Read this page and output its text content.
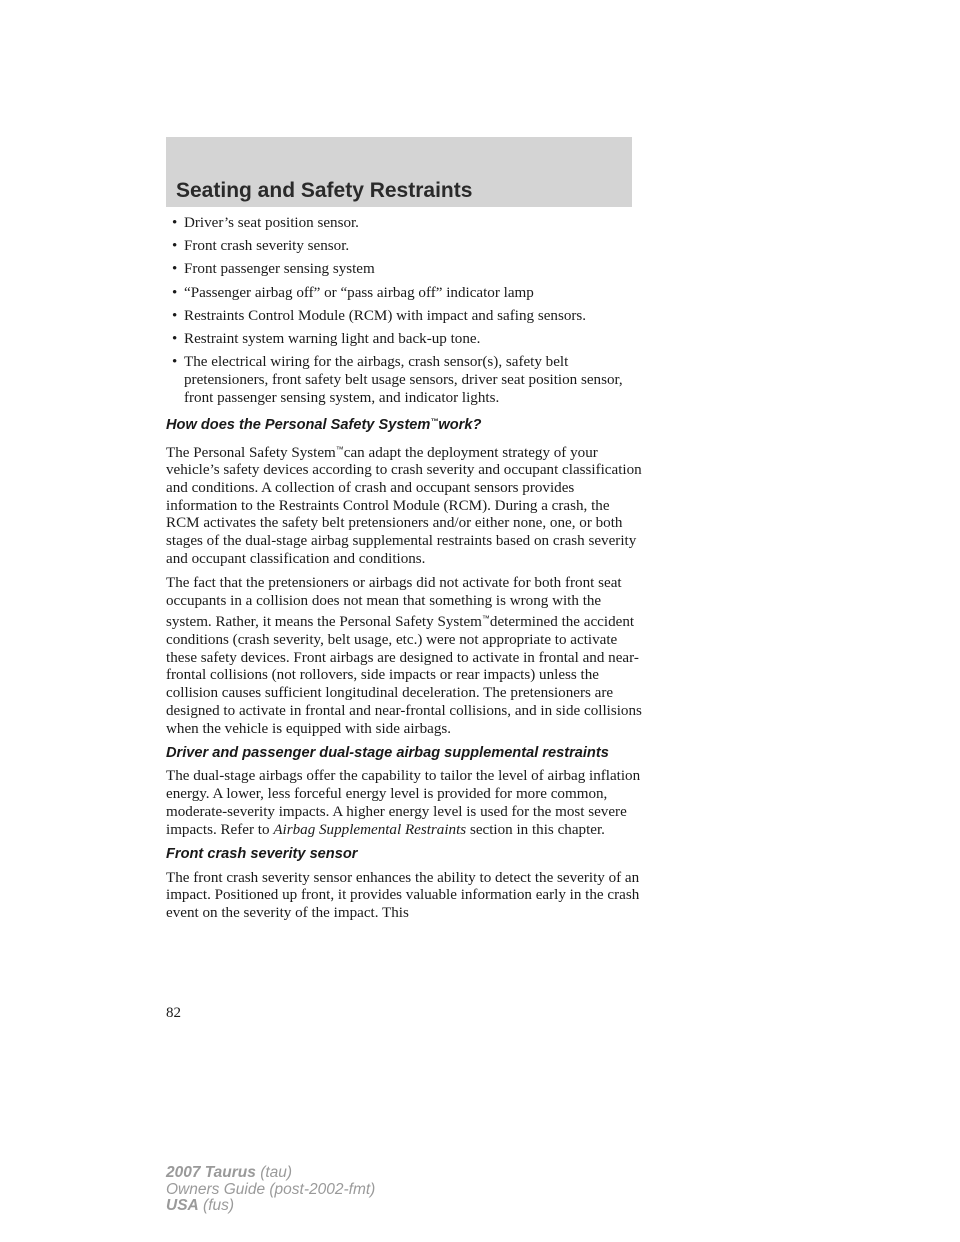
Seating and Safety Restraints
• Driver’s seat position sensor.
• Front crash severity sensor.
• Front passenger sensing system
• “Passenger airbag off” or “pass airbag off” indicator lamp
• Restraints Control Module (RCM) with impact and safing sensors.
• Restraint system warning light and back-up tone.
• The electrical wiring for the airbags, crash sensor(s), safety belt pretensioners, front safety belt usage sensors, driver seat position sensor, front passenger sensing system, and indicator lights.
How does the Personal Safety System™work?

The Personal Safety System™can adapt the deployment strategy of your vehicle’s safety devices according to crash severity and occupant classification and conditions. A collection of crash and occupant sensors provides information to the Restraints Control Module (RCM). During a crash, the RCM activates the safety belt pretensioners and/or either none, one, or both stages of the dual-stage airbag supplemental restraints based on crash severity and occupant classification and conditions.

The fact that the pretensioners or airbags did not activate for both front seat occupants in a collision does not mean that something is wrong with the system. Rather, it means the Personal Safety System™determined the accident conditions (crash severity, belt usage, etc.) were not appropriate to activate these safety devices. Front airbags are designed to activate in frontal and near-frontal collisions (not rollovers, side impacts or rear impacts) unless the collision causes sufficient longitudinal deceleration. The pretensioners are designed to activate in frontal and near-frontal collisions, and in side collisions when the vehicle is equipped with side airbags.

Driver and passenger dual-stage airbag supplemental restraints

The dual-stage airbags offer the capability to tailor the level of airbag inflation energy. A lower, less forceful energy level is provided for more common, moderate-severity impacts. A higher energy level is used for the most severe impacts. Refer to Airbag Supplemental Restraints section in this chapter.

Front crash severity sensor

The front crash severity sensor enhances the ability to detect the severity of an impact. Positioned up front, it provides valuable information early in the crash event on the severity of the impact. This

82
2007 Taurus (tau)
Owners Guide (post-2002-fmt)
USA (fus)
